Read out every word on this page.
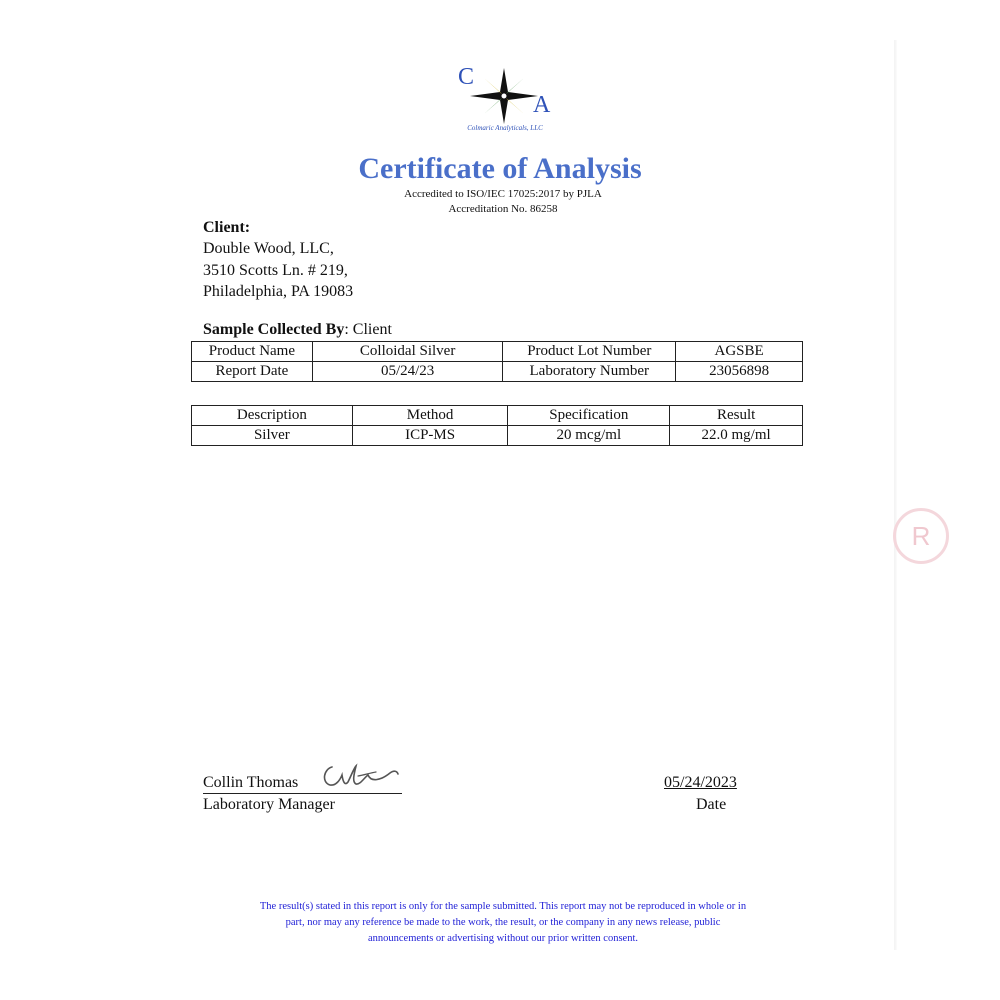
R
C
A
Colmaric Analyticals, LLC
Certificate of Analysis
Accredited to ISO/IEC 17025:2017 by PJLA
Accreditation No. 86258
Client:
Double Wood, LLC,
3510 Scotts Ln. # 219,
Philadelphia, PA 19083
Sample Collected By: Client
Product Name	Colloidal Silver	Product Lot Number	AGSBE
Report Date	05/24/23	Laboratory Number	23056898
Description	Method	Specification	Result
Silver	ICP-MS	20 mcg/ml	22.0 mg/ml
Collin Thomas
Laboratory Manager
05/24/2023
Date
The result(s) stated in this report is only for the sample submitted. This report may not be reproduced in whole or in
part, nor may any reference be made to the work, the result, or the company in any news release, public
announcements or advertising without our prior written consent.
